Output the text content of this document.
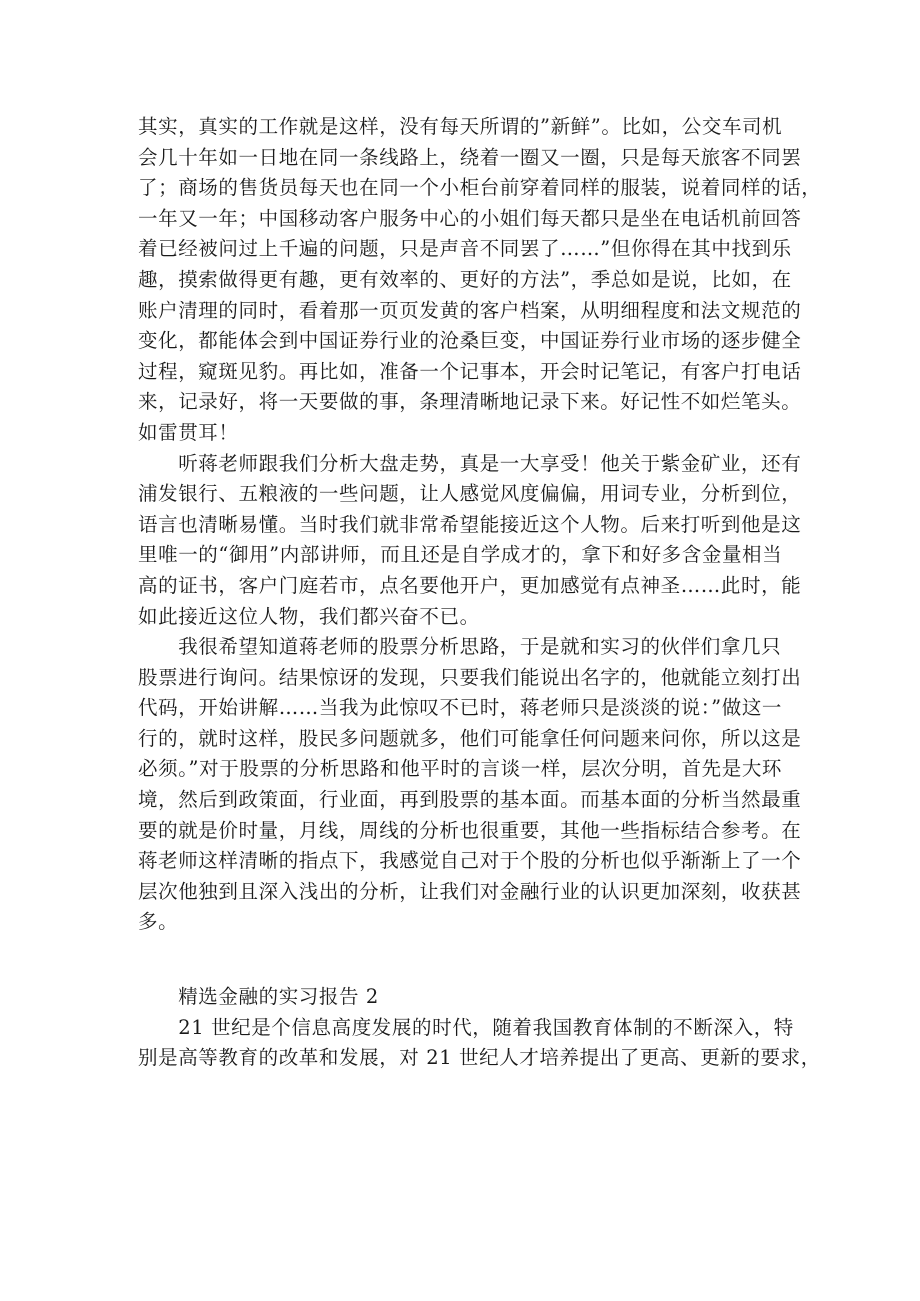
其实，真实的工作就是这样，没有每天所谓的”新鲜”。比如，公交车司机
会几十年如一日地在同一条线路上，绕着一圈又一圈，只是每天旅客不同罢
了；商场的售货员每天也在同一个小柜台前穿着同样的服装，说着同样的话，
一年又一年；中国移动客户服务中心的小姐们每天都只是坐在电话机前回答
着已经被问过上千遍的问题，只是声音不同罢了……”但你得在其中找到乐
趣，摸索做得更有趣，更有效率的、更好的方法”，季总如是说，比如，在
账户清理的同时，看着那一页页发黄的客户档案，从明细程度和法文规范的
变化，都能体会到中国证券行业的沧桑巨变，中国证券行业市场的逐步健全
过程，窥斑见豹。再比如，准备一个记事本，开会时记笔记，有客户打电话
来，记录好，将一天要做的事，条理清晰地记录下来。好记性不如烂笔头。
如雷贯耳！
　　听蒋老师跟我们分析大盘走势，真是一大享受！他关于紫金矿业，还有
浦发银行、五粮液的一些问题，让人感觉风度偏偏，用词专业，分析到位，
语言也清晰易懂。当时我们就非常希望能接近这个人物。后来打听到他是这
里唯一的“御用”内部讲师，而且还是自学成才的，拿下和好多含金量相当
高的证书，客户门庭若市，点名要他开户，更加感觉有点神圣……此时，能
如此接近这位人物，我们都兴奋不已。
　　我很希望知道蒋老师的股票分析思路，于是就和实习的伙伴们拿几只
股票进行询问。结果惊讶的发现，只要我们能说出名字的，他就能立刻打出
代码，开始讲解……当我为此惊叹不已时，蒋老师只是淡淡的说：”做这一
行的，就时这样，股民多问题就多，他们可能拿任何问题来问你，所以这是
必须。”对于股票的分析思路和他平时的言谈一样，层次分明，首先是大环
境，然后到政策面，行业面，再到股票的基本面。而基本面的分析当然最重
要的就是价时量，月线，周线的分析也很重要，其他一些指标结合参考。在
蒋老师这样清晰的指点下，我感觉自己对于个股的分析也似乎渐渐上了一个
层次他独到且深入浅出的分析，让我们对金融行业的认识更加深刻，收获甚
多。
　　精选金融的实习报告 2
　　21 世纪是个信息高度发展的时代，随着我国教育体制的不断深入，特
别是高等教育的改革和发展，对 21 世纪人才培养提出了更高、更新的要求，
